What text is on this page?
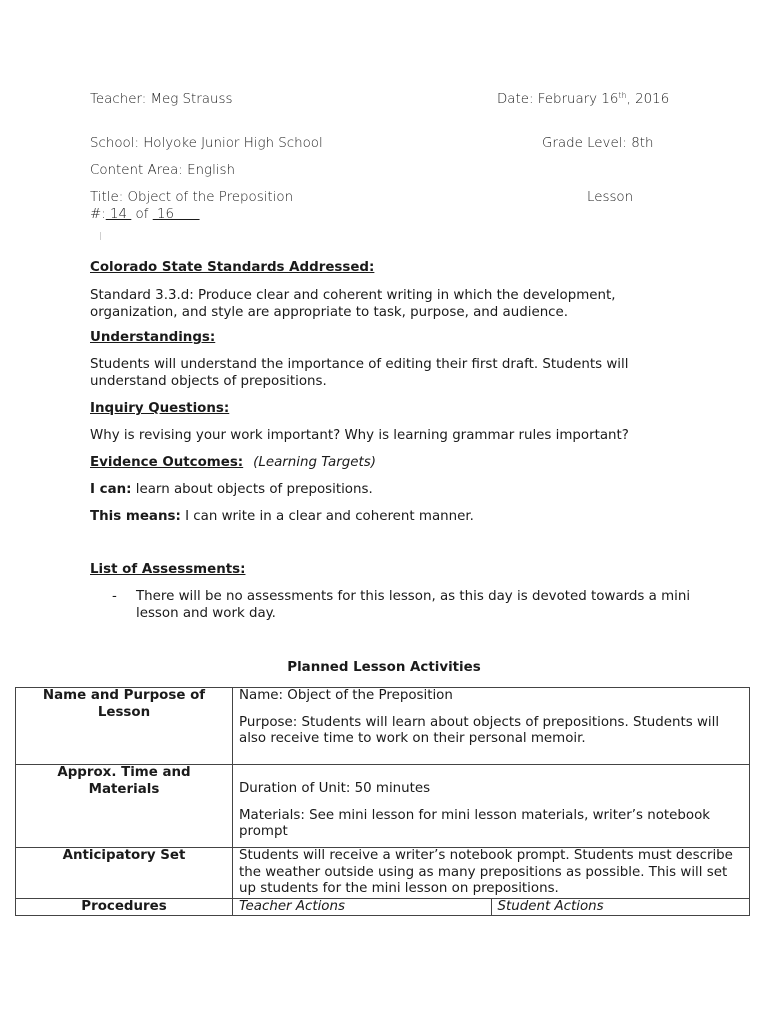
Teacher: Meg Strauss	Date: February 16th, 2016
School: Holyoke Junior High School	Grade Level: 8th
Content Area: English
Title: Object of the Preposition	Lesson
#: 14  of  16
Colorado State Standards Addressed:
Standard 3.3.d: Produce clear and coherent writing in which the development, organization, and style are appropriate to task, purpose, and audience.
Understandings:
Students will understand the importance of editing their first draft. Students will understand objects of prepositions.
Inquiry Questions:
Why is revising your work important? Why is learning grammar rules important?
Evidence Outcomes: (Learning Targets)
I can: learn about objects of prepositions.
This means: I can write in a clear and coherent manner.
List of Assessments:
- There will be no assessments for this lesson, as this day is devoted towards a mini lesson and work day.
Planned Lesson Activities
Name and Purpose of Lesson	Name: Object of the Preposition
Purpose: Students will learn about objects of prepositions. Students will also receive time to work on their personal memoir.	

Approx. Time and Materials	Duration of Unit: 50 minutes
Materials: See mini lesson for mini lesson materials, writer’s notebook prompt	

Anticipatory Set	Students will receive a writer’s notebook prompt. Students must describe the weather outside using as many prepositions as possible. This will set up students for the mini lesson on prepositions.	
Procedures	Teacher Actions	Student Actions
